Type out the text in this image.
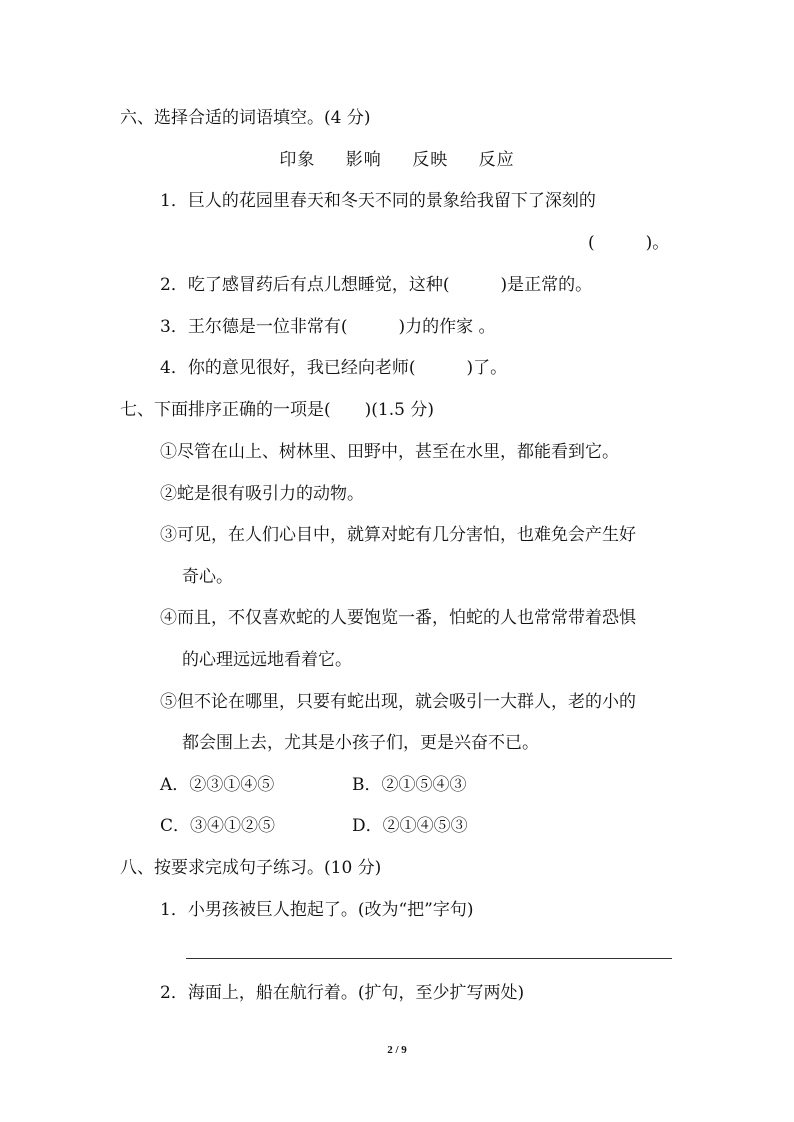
六、选择合适的词语填空。(4 分)
印象 影响 反映 反应
1．巨人的花园里春天和冬天不同的景象给我留下了深刻的
(　　　)。
2．吃了感冒药后有点儿想睡觉，这种(　　　)是正常的。
3．王尔德是一位非常有(　　　)力的作家 。
4．你的意见很好，我已经向老师(　　　)了。
七、下面排序正确的一项是(　　)(1.5 分)
①尽管在山上、树林里、田野中，甚至在水里，都能看到它。
②蛇是很有吸引力的动物。
③可见，在人们心目中，就算对蛇有几分害怕，也难免会产生好
奇心。
④而且，不仅喜欢蛇的人要饱览一番，怕蛇的人也常常带着恐惧
的心理远远地看着它。
⑤但不论在哪里，只要有蛇出现，就会吸引一大群人，老的小的
都会围上去，尤其是小孩子们，更是兴奋不已。
A．②③①④⑤	B．②①⑤④③
C．③④①②⑤	D．②①④⑤③
八、按要求完成句子练习。(10 分)
1．小男孩被巨人抱起了。(改为“把”字句)
2．海面上，船在航行着。(扩句，至少扩写两处)
2 / 9
